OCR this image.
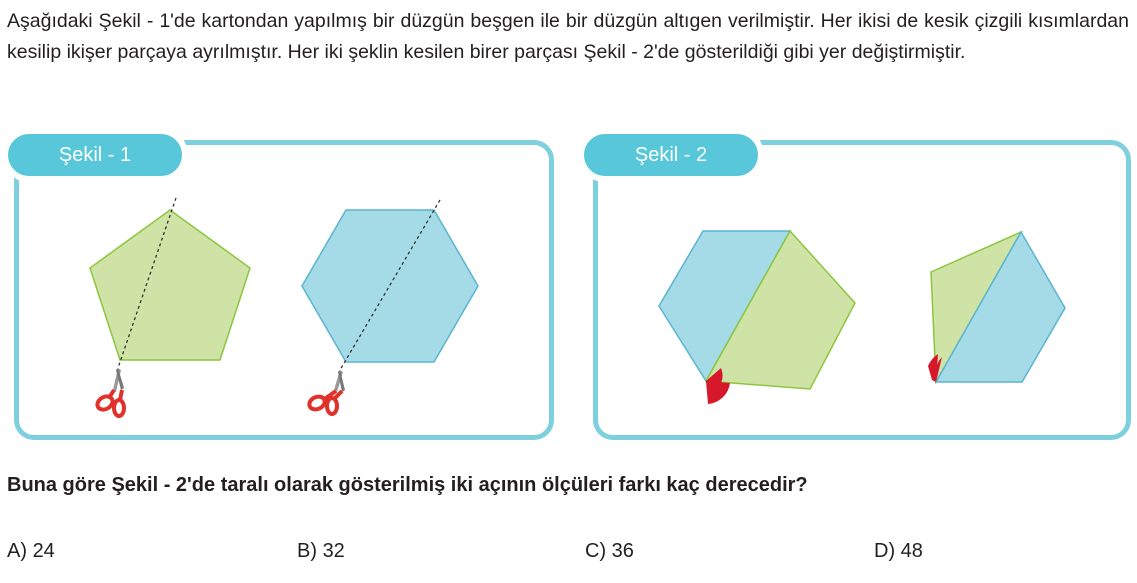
Aşağıdaki Şekil - 1'de kartondan yapılmış bir düzgün beşgen ile bir düzgün altıgen verilmiştir. Her ikisi de kesik çizgili kısımlardan kesilip ikişer parçaya ayrılmıştır. Her iki şeklin kesilen birer parçası Şekil - 2'de gösterildiği gibi yer değiştirmiştir.

Şekil - 1	Şekil - 2

Buna göre Şekil - 2'de taralı olarak gösterilmiş iki açının ölçüleri farkı kaç derecedir?

A) 24	B) 32	C) 36	D) 48
